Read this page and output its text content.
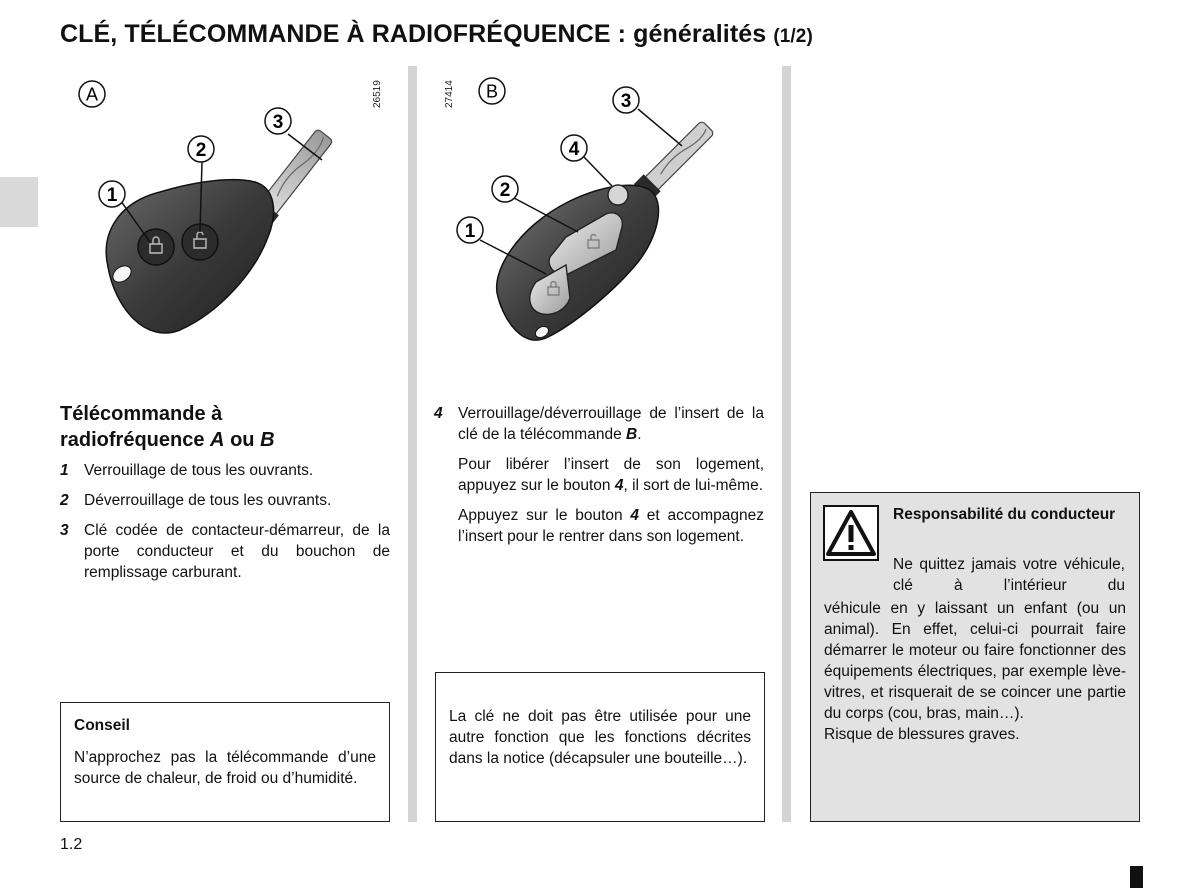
CLÉ, TÉLÉCOMMANDE À RADIOFRÉQUENCE : généralités (1/2)
A
1
2
3
26519	B
1
2
3
4
27414
Télécommande à
radiofréquence A ou B
1 Verrouillage de tous les ouvrants.
2 Déverrouillage de tous les ouvrants.
3 Clé codée de contacteur-démarreur, de la porte conducteur et du bouchon de remplissage carburant.
4 Verrouillage/déverrouillage de l’insert de la clé de la télécommande B.

Pour libérer l’insert de son logement, appuyez sur le bouton 4, il sort de lui-même.

Appuyez sur le bouton 4 et accompagnez l’insert pour le rentrer dans son logement.

Conseil

N’approchez pas la télécommande d’une source de chaleur, de froid ou d’humidité.

La clé ne doit pas être utilisée pour une autre fonction que les fonctions décrites dans la notice (décapsuler une bouteille…).

Responsabilité du conducteur

Ne quittez jamais votre véhicule, clé à l’intérieur du

véhicule en y laissant un enfant (ou un animal). En effet, celui-ci pourrait faire démarrer le moteur ou faire fonctionner des équipements électriques, par exemple lève-vitres, et risquerait de se coincer une partie du corps (cou, bras, main…).
Risque de blessures graves.

1.2
